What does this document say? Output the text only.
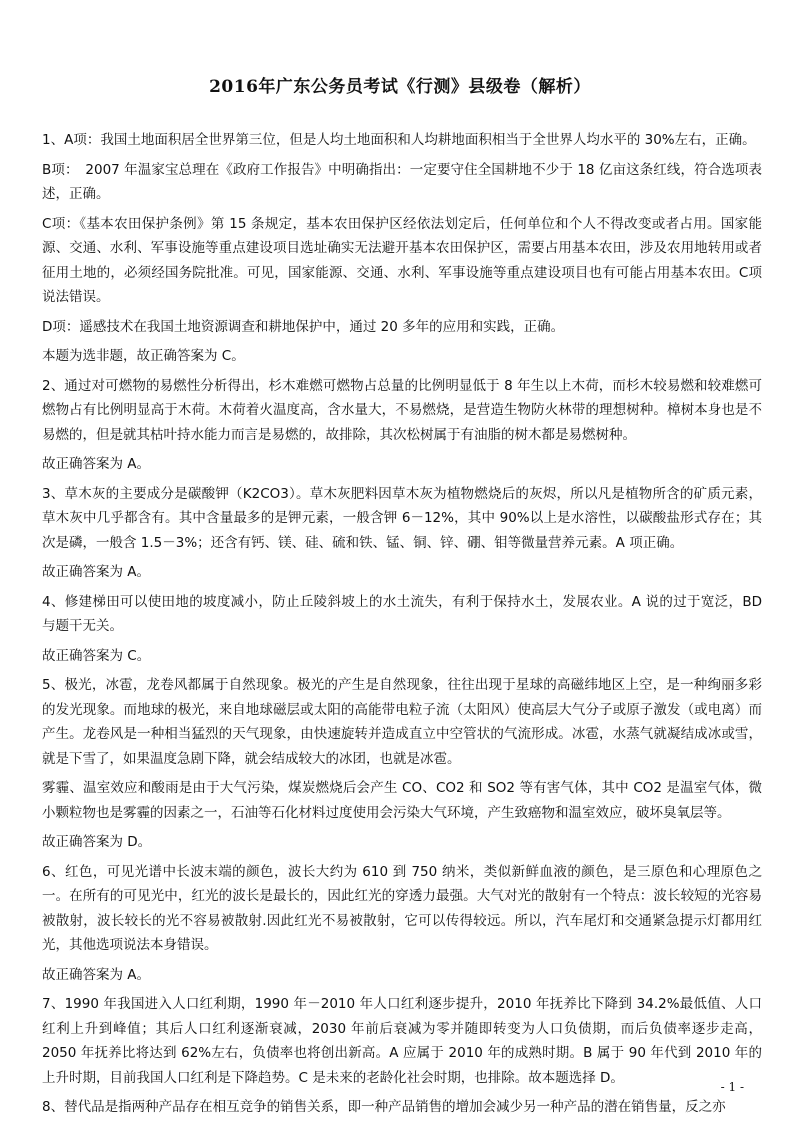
2016年广东公务员考试《行测》县级卷（解析）

1、A项：我国土地面积居全世界第三位，但是人均土地面积和人均耕地面积相当于全世界人均水平的 30%左右，正确。

B项：　2007 年温家宝总理在《政府工作报告》中明确指出：一定要守住全国耕地不少于 18 亿亩这条红线，符合选项表述，正确。

C项：《基本农田保护条例》第 15 条规定，基本农田保护区经依法划定后，任何单位和个人不得改变或者占用。国家能源、交通、水利、军事设施等重点建设项目选址确实无法避开基本农田保护区，需要占用基本农田，涉及农用地转用或者征用土地的，必须经国务院批准。可见，国家能源、交通、水利、军事设施等重点建设项目也有可能占用基本农田。C项说法错误。

D项：遥感技术在我国土地资源调查和耕地保护中，通过 20 多年的应用和实践，正确。

本题为选非题，故正确答案为 C。

2、通过对可燃物的易燃性分析得出，杉木难燃可燃物占总量的比例明显低于 8 年生以上木荷，而杉木较易燃和较难燃可燃物占有比例明显高于木荷。木荷着火温度高，含水量大，不易燃烧，是营造生物防火林带的理想树种。樟树本身也是不易燃的，但是就其枯叶持水能力而言是易燃的，故排除，其次松树属于有油脂的树木都是易燃树种。

故正确答案为 A。

3、草木灰的主要成分是碳酸钾（K2CO3）。草木灰肥料因草木灰为植物燃烧后的灰烬，所以凡是植物所含的矿质元素，草木灰中几乎都含有。其中含量最多的是钾元素，一般含钾 6－12%，其中 90%以上是水溶性，以碳酸盐形式存在；其次是磷，一般含 1.5－3%；还含有钙、镁、硅、硫和铁、锰、铜、锌、硼、钼等微量营养元素。A 项正确。

故正确答案为 A。

4、修建梯田可以使田地的坡度减小，防止丘陵斜坡上的水土流失，有利于保持水土，发展农业。A 说的过于宽泛，BD 与题干无关。

故正确答案为 C。

5、极光，冰雹，龙卷风都属于自然现象。极光的产生是自然现象，往往出现于星球的高磁纬地区上空，是一种绚丽多彩的发光现象。而地球的极光，来自地球磁层或太阳的高能带电粒子流（太阳风）使高层大气分子或原子激发（或电离）而产生。龙卷风是一种相当猛烈的天气现象，由快速旋转并造成直立中空管状的气流形成。冰雹，水蒸气就凝结成冰或雪，就是下雪了，如果温度急剧下降，就会结成较大的冰团，也就是冰雹。

雾霾、温室效应和酸雨是由于大气污染，煤炭燃烧后会产生 CO、CO2 和 SO2 等有害气体，其中 CO2 是温室气体，微小颗粒物也是雾霾的因素之一，石油等石化材料过度使用会污染大气环境，产生致癌物和温室效应，破坏臭氧层等。

故正确答案为 D。

6、红色，可见光谱中长波末端的颜色，波长大约为 610 到 750 纳米，类似新鲜血液的颜色，是三原色和心理原色之一。在所有的可见光中，红光的波长是最长的，因此红光的穿透力最强。大气对光的散射有一个特点：波长较短的光容易被散射，波长较长的光不容易被散射.因此红光不易被散射，它可以传得较远。所以，汽车尾灯和交通紧急提示灯都用红光，其他选项说法本身错误。

故正确答案为 A。

7、1990 年我国进入人口红利期，1990 年－2010 年人口红利逐步提升，2010 年抚养比下降到 34.2%最低值、人口红利上升到峰值；其后人口红利逐渐衰减，2030 年前后衰减为零并随即转变为人口负债期，而后负债率逐步走高，2050 年抚养比将达到 62%左右，负债率也将创出新高。A 应属于 2010 年的成熟时期。B 属于 90 年代到 2010 年的上升时期，目前我国人口红利是下降趋势。C 是未来的老龄化社会时期，也排除。故本题选择 D。

8、替代品是指两种产品存在相互竞争的销售关系，即一种产品销售的增加会减少另一种产品的潜在销售量，反之亦

- 1 -
